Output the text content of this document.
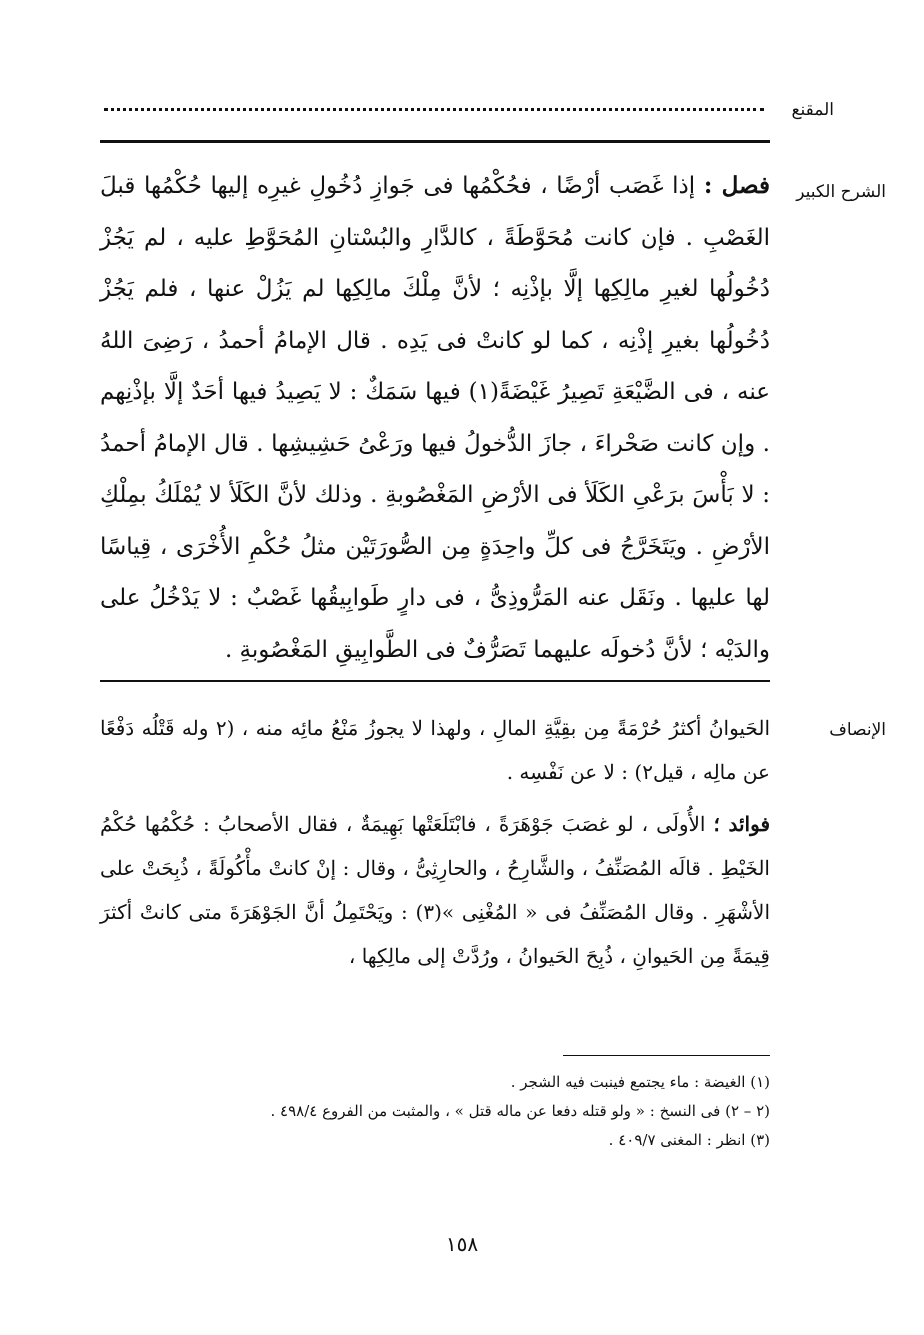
المقنع
الشرح الكبير
فصل : إذا غَصَب أرْضًا ، فحُكْمُها فى جَوازِ دُخُولِ غيرِه إليها حُكْمُها قبلَ الغَصْبِ . فإن كانت مُحَوَّطَةً ، كالدَّارِ والبُسْتانِ المُحَوَّطِ عليه ، لم يَجُزْ دُخُولُها لغيرِ مالِكِها إلَّا بإذْنِه ؛ لأنَّ مِلْكَ مالِكِها لم يَزُلْ عنها ، فلم يَجُزْ دُخُولُها بغيرِ إذْنِه ، كما لو كانتْ فى يَدِه . قال الإمامُ أحمدُ ، رَضِىَ اللهُ عنه ، فى الضَّيْعَةِ تَصِيرُ غَيْضَةً(١) فيها سَمَكٌ : لا يَصِيدُ فيها أحَدٌ إلَّا بإذْنِهم . وإن كانت صَحْراءَ ، جازَ الدُّخولُ فيها ورَعْىُ حَشِيشِها . قال الإمامُ أحمدُ : لا بَأْسَ برَعْىِ الكَلَأ فى الأرْضِ المَغْصُوبةِ . وذلك لأنَّ الكَلَأ لا يُمْلَكُ بمِلْكِ الأرْضِ . ويَتَخَرَّجُ فى كلِّ واحِدَةٍ مِن الصُّورَتَيْن مثلُ حُكْمِ الأُخْرَى ، قِياسًا لها عليها . ونَقَل عنه المَرُّوذِىُّ ، فى دارٍ طَوابِيقُها غَصْبٌ : لا يَدْخُلُ على والدَيْه ؛ لأنَّ دُخولَه عليهما تَصَرُّفٌ فى الطَّوابِيقِ المَغْصُوبةِ .
الإنصاف

الحَيوانُ أكثرُ حُرْمَةً مِن بقِيَّةِ المالِ ، ولهذا لا يجوزُ مَنْعُ مائِه منه ، (٢ وله قَتْلُه دَفْعًا عن مالِه ، قيل٢) : لا عن نَفْسِه .

فوائد ؛ الأُولَى ، لو غصَبَ جَوْهَرَةً ، فابْتَلَعَتْها بَهِيمَةٌ ، فقال الأصحابُ : حُكْمُها حُكْمُ الخَيْطِ . قالَه المُصَنِّفُ ، والشَّارِحُ ، والحارِثِىُّ ، وقال : إنْ كانتْ مأْكُولَةً ، ذُبِحَتْ على الأشْهَرِ . وقال المُصَنِّفُ فى « المُغْنِى »(٣) : ويَحْتَمِلُ أنَّ الجَوْهَرَةَ متى كانتْ أكثرَ قِيمَةً مِن الحَيوانِ ، ذُبِحَ الحَيوانُ ، ورُدَّتْ إلى مالِكِها ،

(١) الغيضة : ماء يجتمع فينبت فيه الشجر .
(٢ – ٢) فى النسخ : « ولو قتله دفعا عن ماله قتل » ، والمثبت من الفروع ٤٩٨/٤ .
(٣) انظر : المغنى ٤٠٩/٧ .
١٥٨
